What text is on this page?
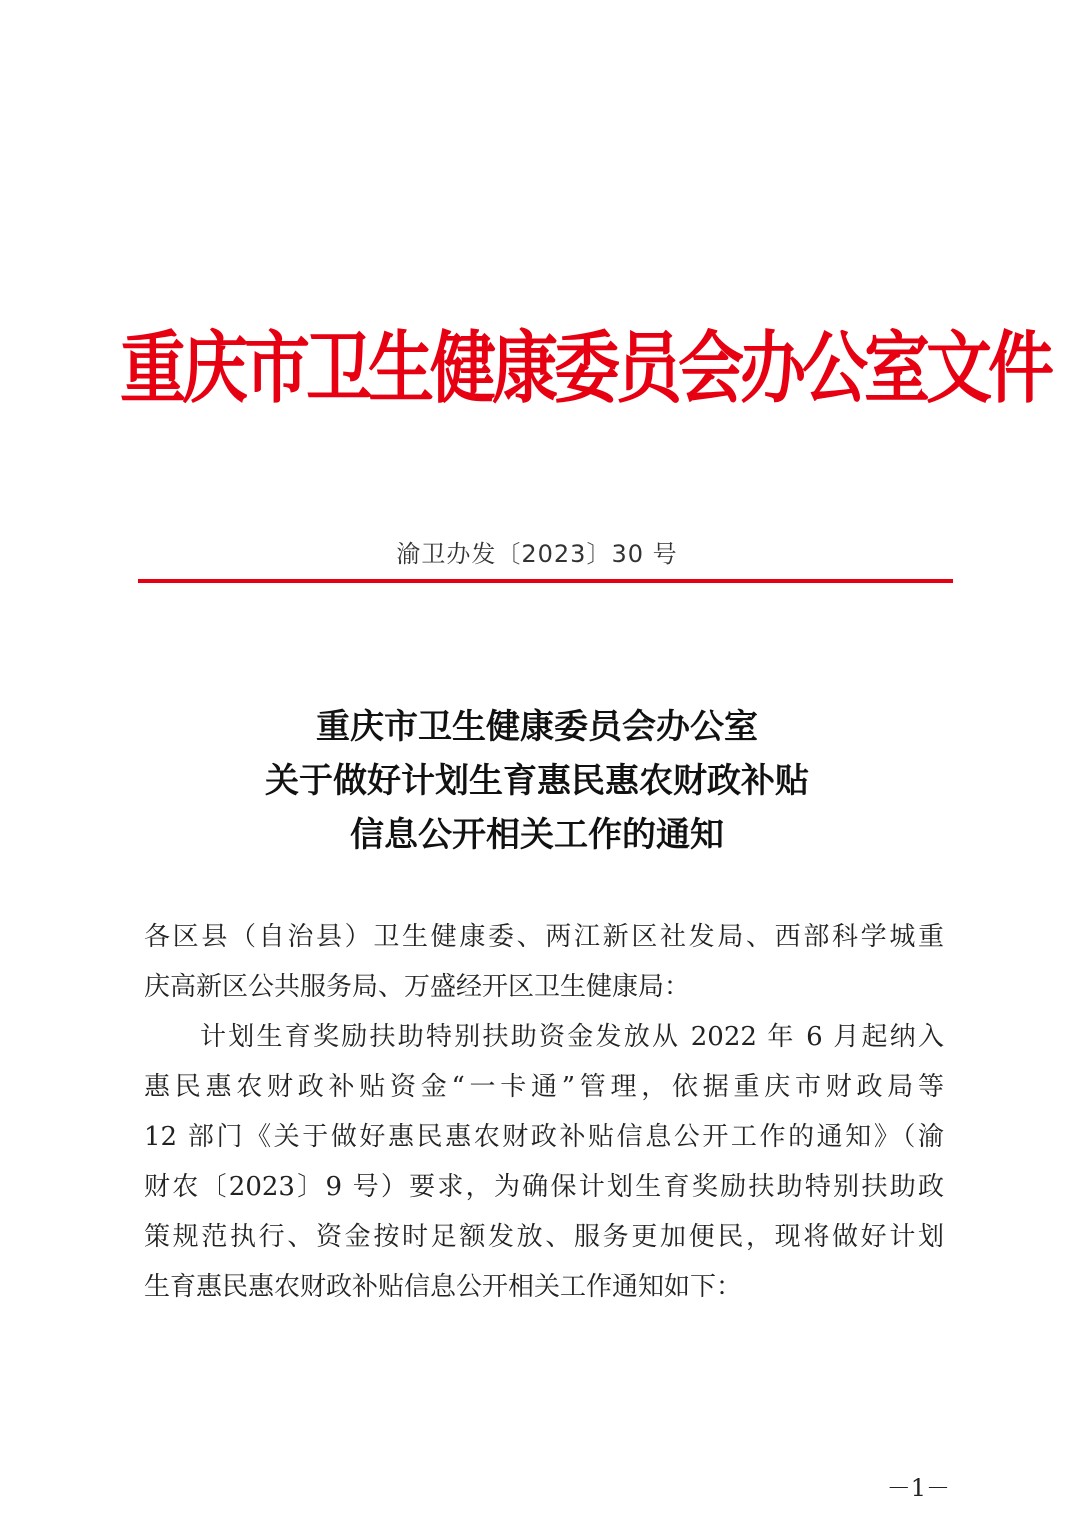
重庆市卫生健康委员会办公室文件
渝卫办发〔2023〕30 号
重庆市卫生健康委员会办公室
关于做好计划生育惠民惠农财政补贴
信息公开相关工作的通知
各区县（自治县）卫生健康委、两江新区社发局、西部科学城重
庆高新区公共服务局、万盛经开区卫生健康局：
计划生育奖励扶助特别扶助资金发放从 2022 年 6 月起纳入
惠民惠农财政补贴资金“一卡通”管理，依据重庆市财政局等
12 部门《关于做好惠民惠农财政补贴信息公开工作的通知》（渝
财农〔2023〕9 号）要求，为确保计划生育奖励扶助特别扶助政
策规范执行、资金按时足额发放、服务更加便民，现将做好计划
生育惠民惠农财政补贴信息公开相关工作通知如下：
－1－
